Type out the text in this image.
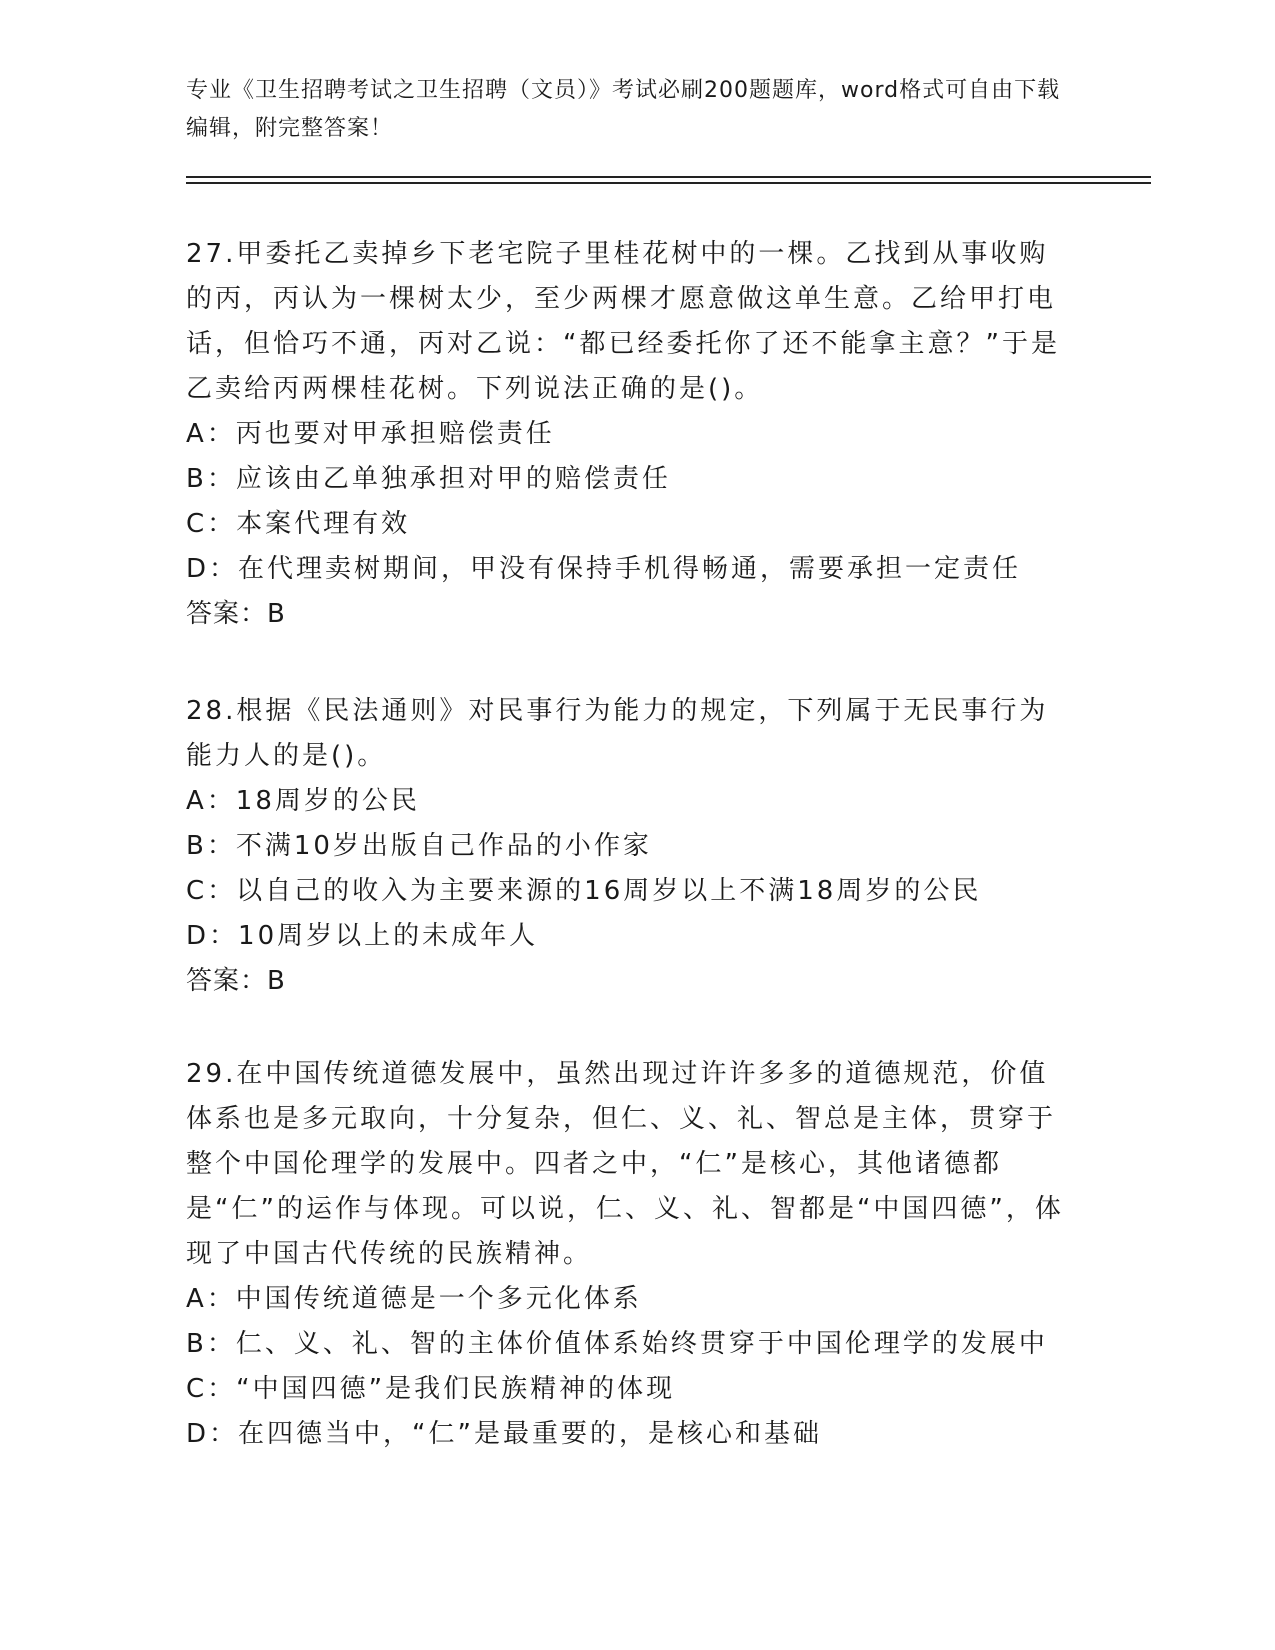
专业《卫生招聘考试之卫生招聘（文员）》考试必刷200题题库，word格式可自由下载编辑，附完整答案！

27.甲委托乙卖掉乡下老宅院子里桂花树中的一棵。乙找到从事收购的丙，丙认为一棵树太少，至少两棵才愿意做这单生意。乙给甲打电话，但恰巧不通，丙对乙说：“都已经委托你了还不能拿主意？”于是乙卖给丙两棵桂花树。下列说法正确的是()。

A：丙也要对甲承担赔偿责任

B：应该由乙单独承担对甲的赔偿责任

C：本案代理有效

D：在代理卖树期间，甲没有保持手机得畅通，需要承担一定责任

答案：B

28.根据《民法通则》对民事行为能力的规定，下列属于无民事行为能力人的是()。

A：18周岁的公民

B：不满10岁出版自己作品的小作家

C：以自己的收入为主要来源的16周岁以上不满18周岁的公民

D：10周岁以上的未成年人

答案：B

29.在中国传统道德发展中，虽然出现过许许多多的道德规范，价值体系也是多元取向，十分复杂，但仁、义、礼、智总是主体，贯穿于整个中国伦理学的发展中。四者之中，“仁”是核心，其他诸德都是“仁”的运作与体现。可以说，仁、义、礼、智都是“中国四德”，体现了中国古代传统的民族精神。

A：中国传统道德是一个多元化体系

B：仁、义、礼、智的主体价值体系始终贯穿于中国伦理学的发展中

C：“中国四德”是我们民族精神的体现

D：在四德当中，“仁”是最重要的，是核心和基础
